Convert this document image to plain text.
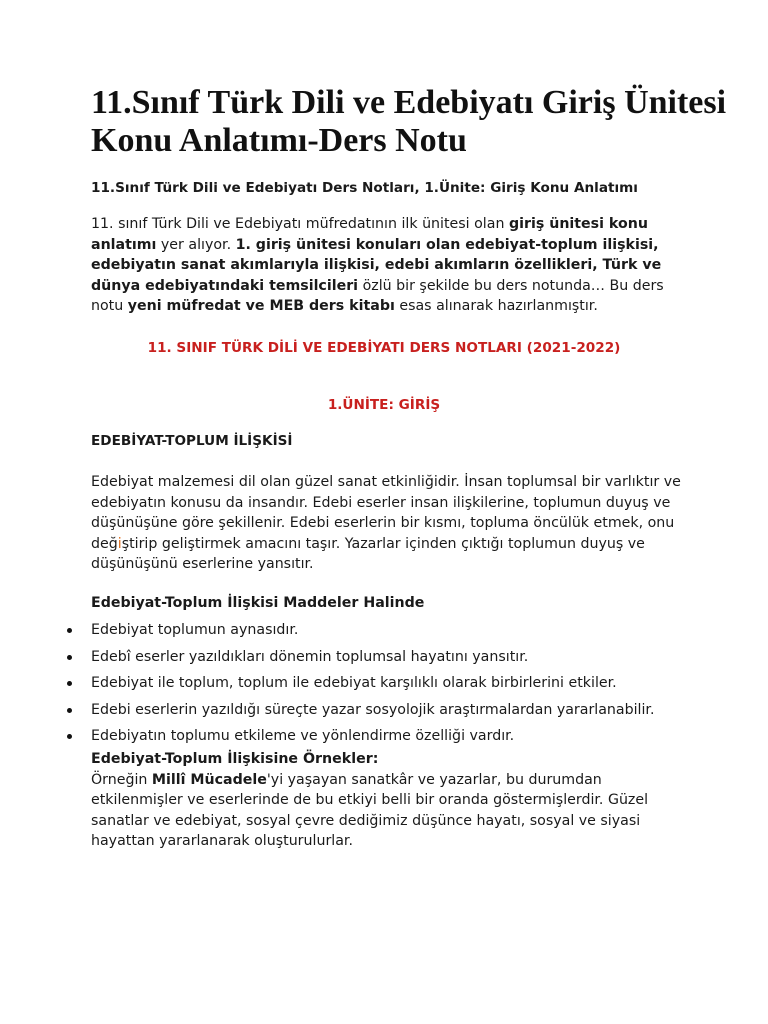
11.Sınıf Türk Dili ve Edebiyatı Giriş Ünitesi Konu Anlatımı-Ders Notu

11.Sınıf Türk Dili ve Edebiyatı Ders Notları, 1.Ünite: Giriş Konu Anlatımı

11. sınıf Türk Dili ve Edebiyatı müfredatının ilk ünitesi olan giriş ünitesi konu anlatımı yer alıyor. 1. giriş ünitesi konuları olan edebiyat-toplum ilişkisi, edebiyatın sanat akımlarıyla ilişkisi, edebi akımların özellikleri, Türk ve dünya edebiyatındaki temsilcileri özlü bir şekilde bu ders notunda… Bu ders notu yeni müfredat ve MEB ders kitabı esas alınarak hazırlanmıştır.

11. SINIF TÜRK DİLİ VE EDEBİYATI DERS NOTLARI (2021-2022)

1.ÜNİTE: GİRİŞ

EDEBİYAT-TOPLUM İLİŞKİSİ

Edebiyat malzemesi dil olan güzel sanat etkinliğidir. İnsan toplumsal bir varlıktır ve edebiyatın konusu da insandır. Edebi eserler insan ilişkilerine, toplumun duyuş ve düşünüşüne göre şekillenir. Edebi eserlerin bir kısmı, topluma öncülük etmek, onu değiştirip geliştirmek amacını taşır. Yazarlar içinden çıktığı toplumun duyuş ve düşünüşünü eserlerine yansıtır.

Edebiyat-Toplum İlişkisi Maddeler Halinde

Edebiyat toplumun aynasıdır.
Edebî eserler yazıldıkları dönemin toplumsal hayatını yansıtır.
Edebiyat ile toplum, toplum ile edebiyat karşılıklı olarak birbirlerini etkiler.
Edebi eserlerin yazıldığı süreçte yazar sosyolojik araştırmalardan yararlanabilir.
Edebiyatın toplumu etkileme ve yönlendirme özelliği vardır.

Edebiyat-Toplum İlişkisine Örnekler:
Örneğin Millî Mücadele'yi yaşayan sanatkâr ve yazarlar, bu durumdan etkilenmişler ve eserlerinde de bu etkiyi belli bir oranda göstermişlerdir. Güzel sanatlar ve edebiyat, sosyal çevre dediğimiz düşünce hayatı, sosyal ve siyasi hayattan yararlanarak oluşturulurlar.
